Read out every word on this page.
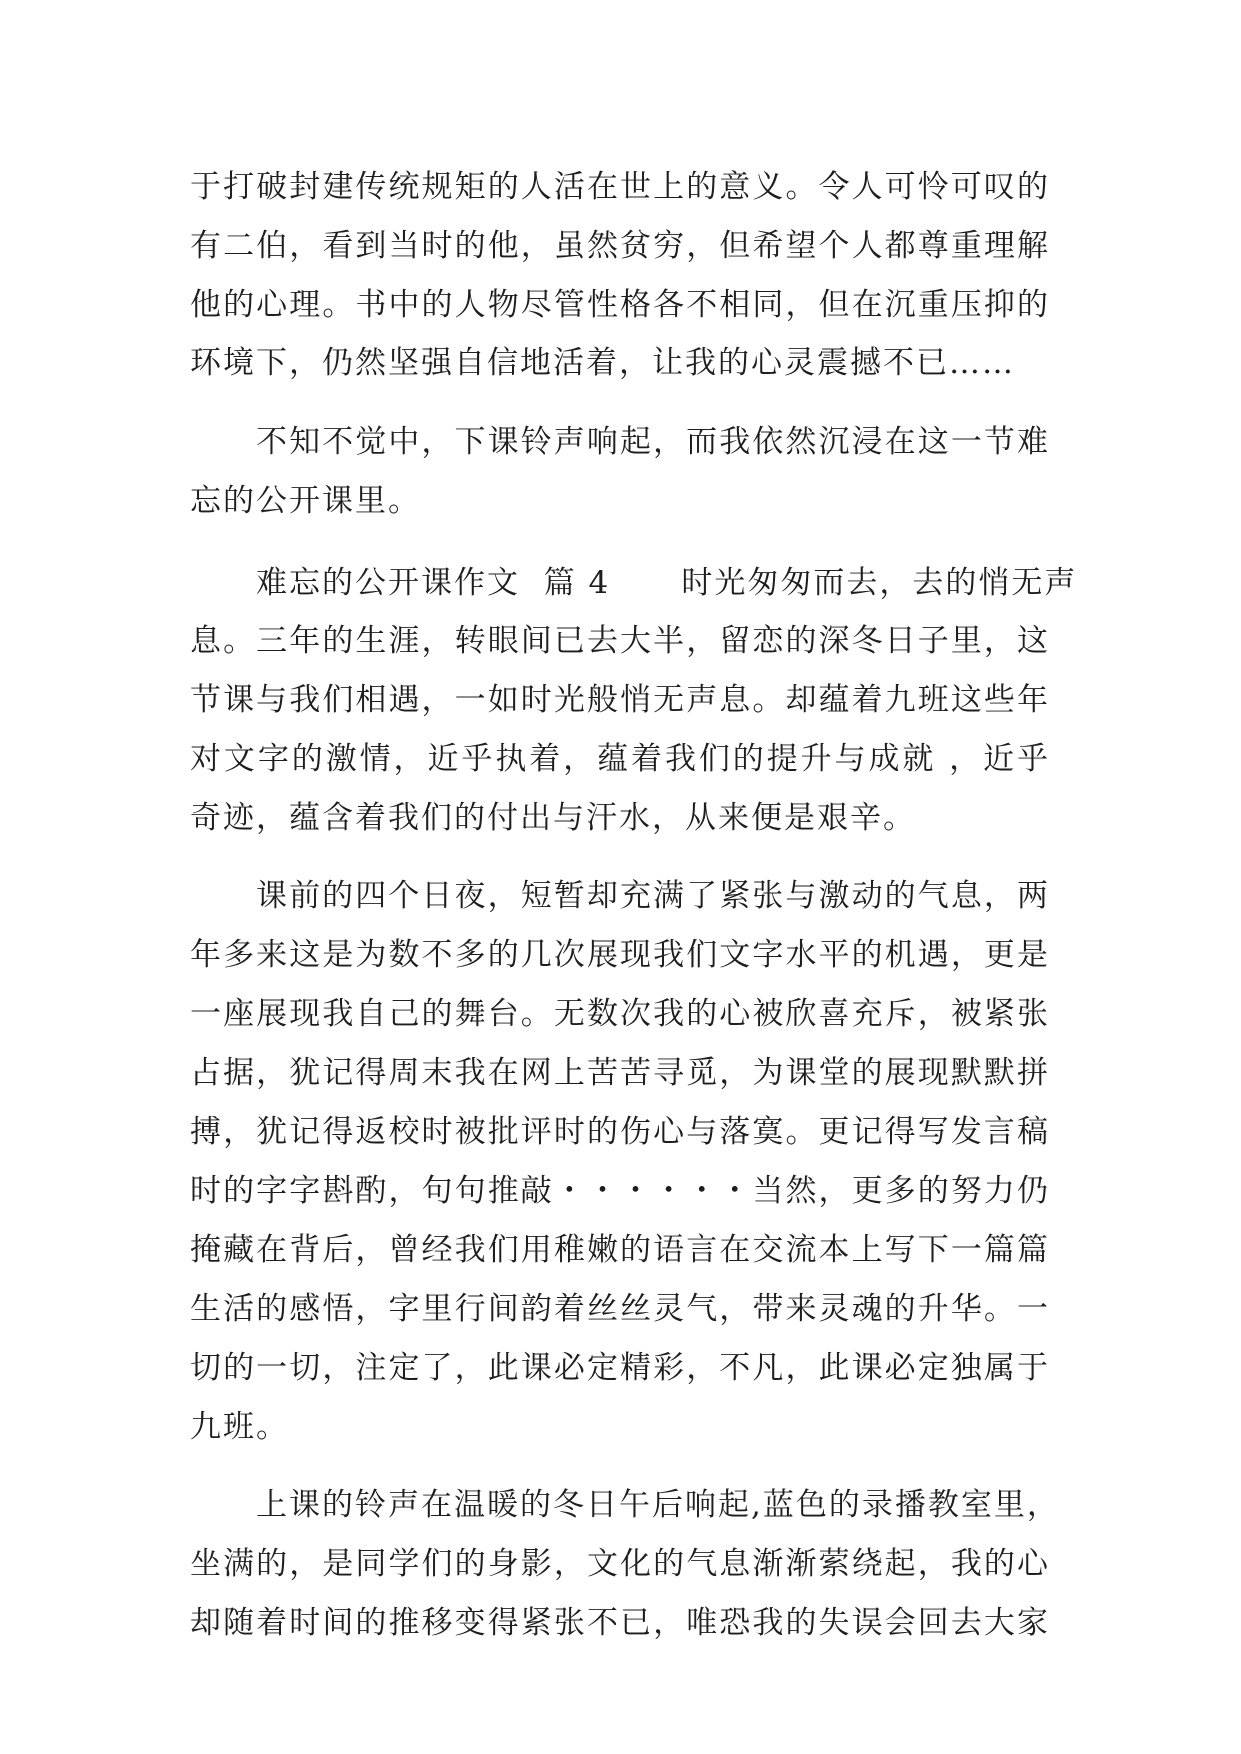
于打破封建传统规矩的人活在世上的意义。令人可怜可叹的
有二伯，看到当时的他，虽然贫穷，但希望个人都尊重理解
他的心理。书中的人物尽管性格各不相同，但在沉重压抑的
环境下，仍然坚强自信地活着，让我的心灵震撼不已……
不知不觉中，下课铃声响起，而我依然沉浸在这一节难
忘的公开课里。
难忘的公开课作文  篇 4      时光匆匆而去，去的悄无声
息。三年的生涯，转眼间已去大半，留恋的深冬日子里，这
节课与我们相遇，一如时光般悄无声息。却蕴着九班这些年
对文字的激情，近乎执着，蕴着我们的提升与成就 ，近乎
奇迹，蕴含着我们的付出与汗水，从来便是艰辛。
课前的四个日夜，短暂却充满了紧张与激动的气息，两
年多来这是为数不多的几次展现我们文字水平的机遇，更是
一座展现我自己的舞台。无数次我的心被欣喜充斥，被紧张
占据，犹记得周末我在网上苦苦寻觅，为课堂的展现默默拼
搏，犹记得返校时被批评时的伤心与落寞。更记得写发言稿
时的字字斟酌，句句推敲・・・・・・当然，更多的努力仍
掩藏在背后，曾经我们用稚嫩的语言在交流本上写下一篇篇
生活的感悟，字里行间韵着丝丝灵气，带来灵魂的升华。一
切的一切，注定了，此课必定精彩，不凡，此课必定独属于
九班。
上课的铃声在温暖的冬日午后响起,蓝色的录播教室里，
坐满的，是同学们的身影，文化的气息渐渐萦绕起，我的心
却随着时间的推移变得紧张不已，唯恐我的失误会回去大家
